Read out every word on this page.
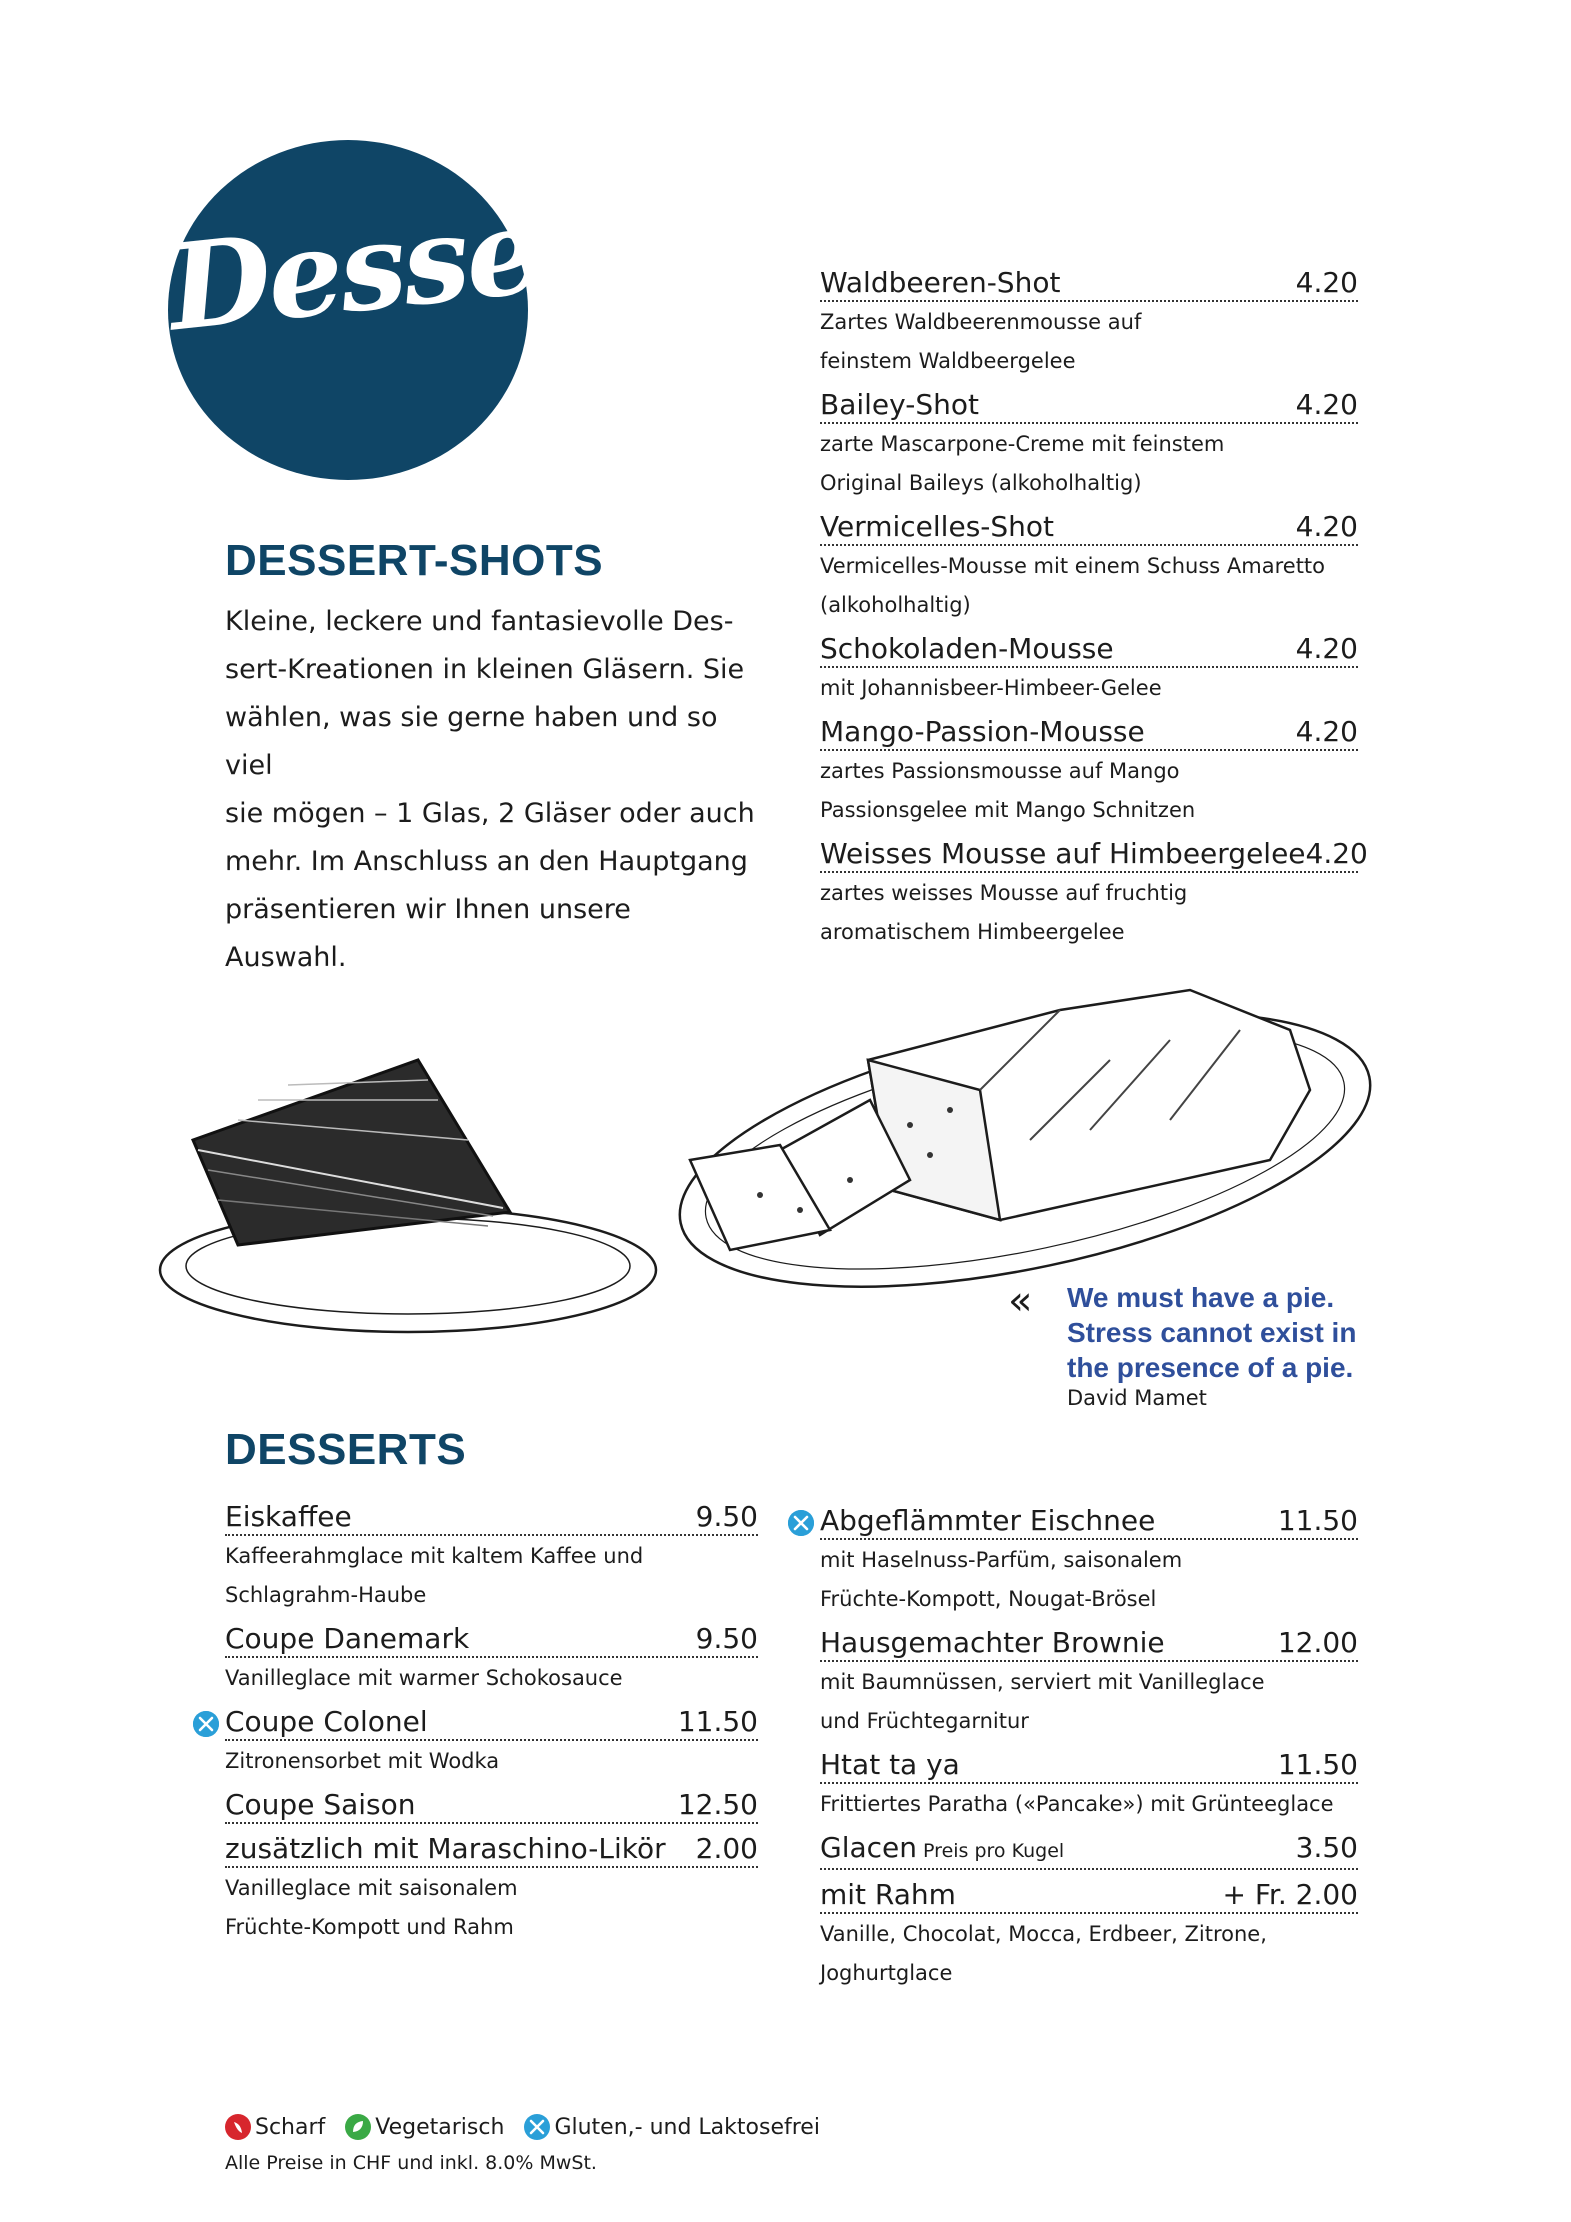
Dessert
DESSERT-SHOTS
Kleine, leckere und fantasievolle Des-
sert-Kreationen in kleinen Gläsern. Sie
wählen, was sie gerne haben und so viel
sie mögen – 1 Glas, 2 Gläser oder auch
mehr. Im Anschluss an den Hauptgang
präsentieren wir Ihnen unsere Auswahl.
Waldbeeren-Shot	4.20
Zartes Waldbeerenmousse auf
feinstem Waldbeergelee
Bailey-Shot	4.20
zarte Mascarpone-Creme mit feinstem
Original Baileys (alkoholhaltig)
Vermicelles-Shot	4.20
Vermicelles-Mousse mit einem Schuss Amaretto
(alkoholhaltig)
Schokoladen-Mousse	4.20
mit Johannisbeer-Himbeer-Gelee
Mango-Passion-Mousse	4.20
zartes Passionsmousse auf Mango
Passionsgelee mit Mango Schnitzen
Weisses Mousse auf Himbeergelee 4.20
zartes weisses Mousse auf fruchtig
aromatischem Himbeergelee
« We must have a pie.
Stress cannot exist in
the presence of a pie.
David Mamet
DESSERTS
Eiskaffee	9.50
Kaffeerahmglace mit kaltem Kaffee und
Schlagrahm-Haube
Coupe Danemark	9.50
Vanilleglace mit warmer Schokosauce
Coupe Colonel	11.50
Zitronensorbet mit Wodka
Coupe Saison	12.50
zusätzlich mit Maraschino-Likör 2.00
Vanilleglace mit saisonalem
Früchte-Kompott und Rahm
Abgeflämmter Eischnee	11.50
mit Haselnuss-Parfüm, saisonalem
Früchte-Kompott, Nougat-Brösel
Hausgemachter Brownie	12.00
mit Baumnüssen, serviert mit Vanilleglace
und Früchtegarnitur
Htat ta ya	11.50
Frittiertes Paratha («Pancake») mit Grünteeglace
Glacen Preis pro Kugel	3.50
mit Rahm	+ Fr. 2.00
Vanille, Chocolat, Mocca, Erdbeer, Zitrone,
Joghurtglace
Scharf Vegetarisch Gluten,- und Laktosefrei
Alle Preise in CHF und inkl. 8.0% MwSt.
